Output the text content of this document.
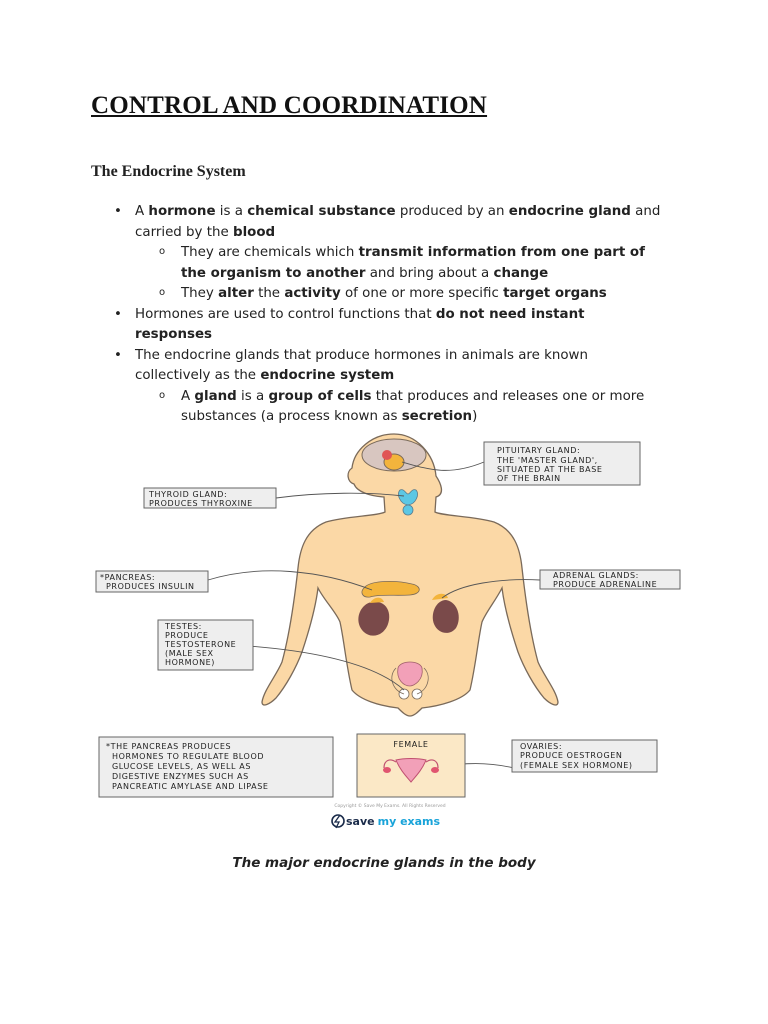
CONTROL AND COORDINATION
The Endocrine System
• A hormone is a chemical substance produced by an endocrine gland and carried by the blood
o They are chemicals which transmit information from one part of the organism to another and bring about a change
o They alter the activity of one or more specific target organs
• Hormones are used to control functions that do not need instant responses
• The endocrine glands that produce hormones in animals are known collectively as the endocrine system
o A gland is a group of cells that produces and releases one or more substances (a process known as secretion)
PITUITARY GLAND:
THE 'MASTER GLAND',
SITUATED AT THE BASE
OF THE BRAIN
THYROID GLAND:
PRODUCES THYROXINE
*PANCREAS:
PRODUCES INSULIN
ADRENAL GLANDS:
PRODUCE ADRENALINE
TESTES:
PRODUCE
TESTOSTERONE
(MALE SEX
HORMONE)
*THE PANCREAS PRODUCES
HORMONES TO REGULATE BLOOD
GLUCOSE LEVELS, AS WELL AS
DIGESTIVE ENZYMES SUCH AS
PANCREATIC AMYLASE AND LIPASE
FEMALE	OVARIES:
PRODUCE OESTROGEN
(FEMALE SEX HORMONE)
Copyright © Save My Exams. All Rights Reserved
save my exams

The major endocrine glands in the body
